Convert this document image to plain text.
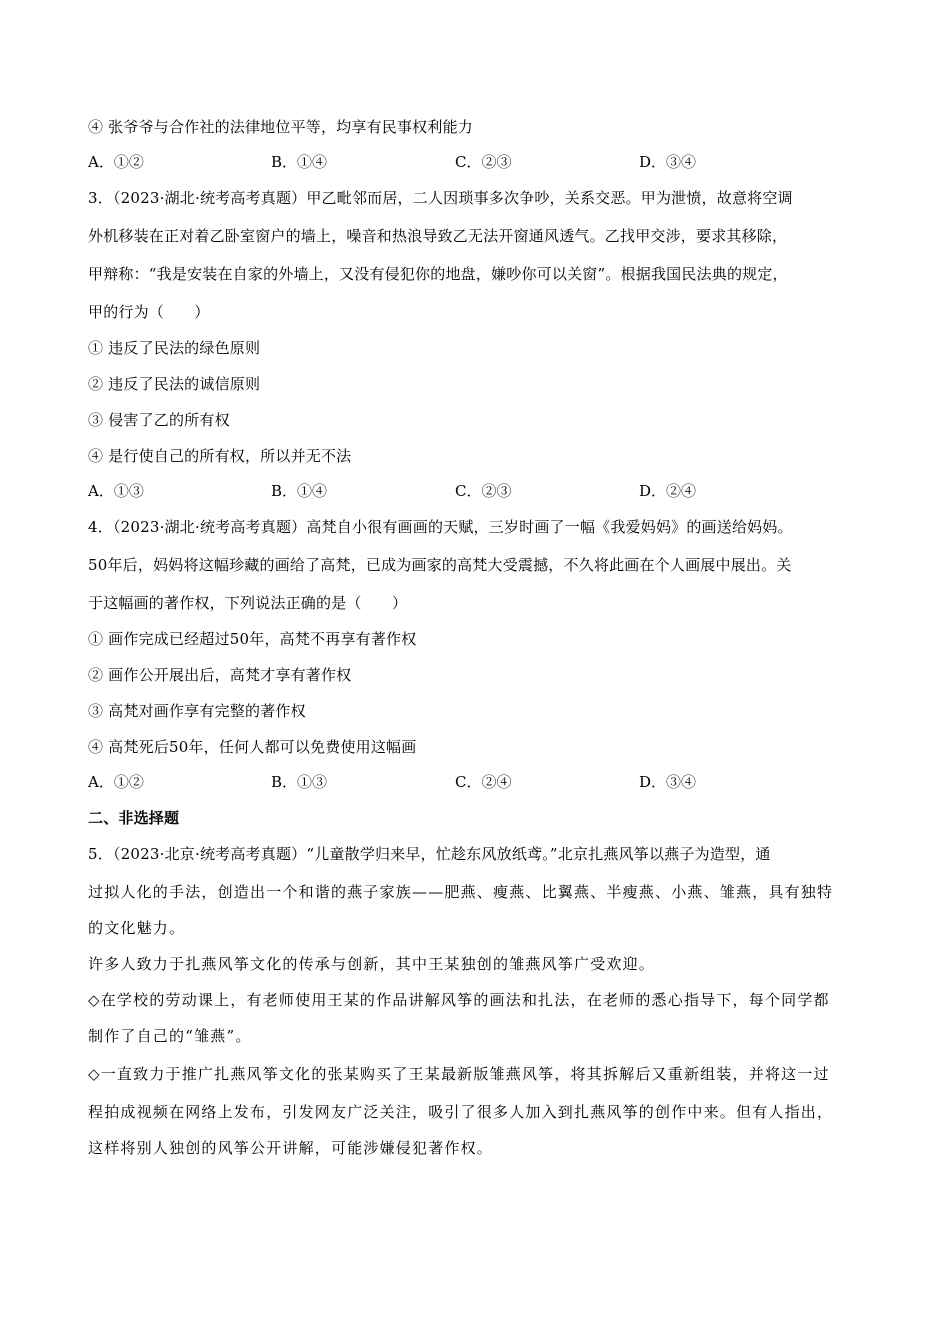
④ 张爷爷与合作社的法律地位平等，均享有民事权利能力
A．①②	B．①④	C．②③	D．③④
3．（2023·湖北·统考高考真题）甲乙毗邻而居，二人因琐事多次争吵，关系交恶。甲为泄愤，故意将空调
外机移装在正对着乙卧室窗户的墙上，噪音和热浪导致乙无法开窗通风透气。乙找甲交涉，要求其移除，
甲辩称：“我是安装在自家的外墙上，又没有侵犯你的地盘，嫌吵你可以关窗”。根据我国民法典的规定，
甲的行为（　　）
① 违反了民法的绿色原则
② 违反了民法的诚信原则
③ 侵害了乙的所有权
④ 是行使自己的所有权，所以并无不法
A．①③	B．①④	C．②③	D．②④
4．（2023·湖北·统考高考真题）高梵自小很有画画的天赋，三岁时画了一幅《我爱妈妈》的画送给妈妈。
50年后，妈妈将这幅珍藏的画给了高梵，已成为画家的高梵大受震撼，不久将此画在个人画展中展出。关
于这幅画的著作权，下列说法正确的是（　　）
① 画作完成已经超过50年，高梵不再享有著作权
② 画作公开展出后，高梵才享有著作权
③ 高梵对画作享有完整的著作权
④ 高梵死后50年，任何人都可以免费使用这幅画
A．①②	B．①③	C．②④	D．③④
二、非选择题
5．（2023·北京·统考高考真题）“儿童散学归来早，忙趁东风放纸鸢。”北京扎燕风筝以燕子为造型，通
过拟人化的手法，创造出一个和谐的燕子家族——肥燕、瘦燕、比翼燕、半瘦燕、小燕、雏燕，具有独特
的文化魅力。
许多人致力于扎燕风筝文化的传承与创新，其中王某独创的雏燕风筝广受欢迎。
◇在学校的劳动课上，有老师使用王某的作品讲解风筝的画法和扎法，在老师的悉心指导下，每个同学都
制作了自己的“雏燕”。
◇一直致力于推广扎燕风筝文化的张某购买了王某最新版雏燕风筝，将其拆解后又重新组装，并将这一过
程拍成视频在网络上发布，引发网友广泛关注，吸引了很多人加入到扎燕风筝的创作中来。但有人指出，
这样将别人独创的风筝公开讲解，可能涉嫌侵犯著作权。
